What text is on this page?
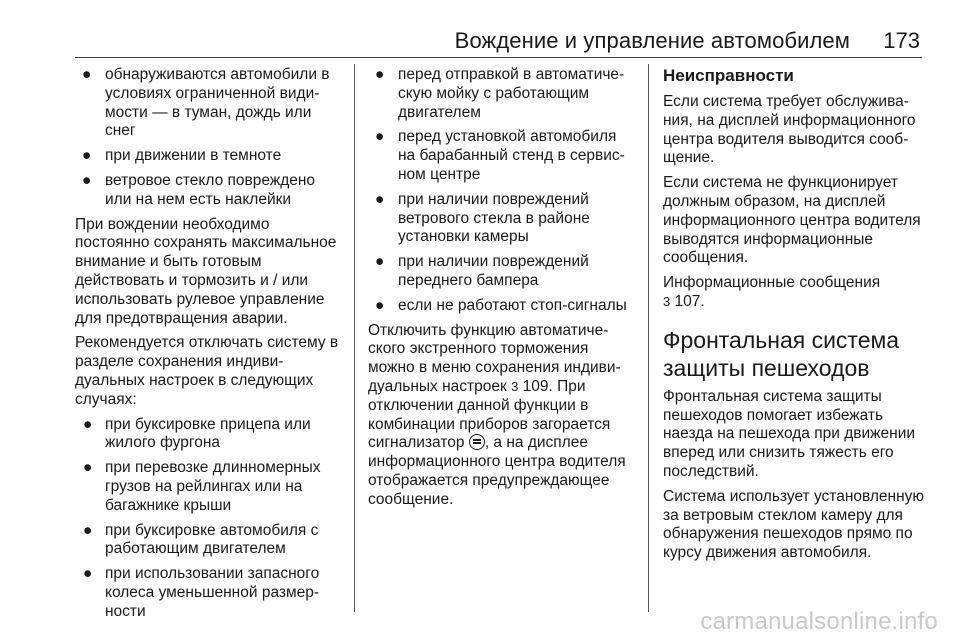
Вождение и управление автомобилем 173
● обнаруживаются автомобили в условиях ограниченной видимости — в туман, дождь или снег
● при движении в темноте
● ветровое стекло повреждено или на нем есть наклейки

При вождении необходимо постоянно сохранять максимальное внимание и быть готовым действовать и тормозить и / или использовать рулевое управление для предотвращения аварии.

Рекомендуется отключать систему в разделе сохранения индивидуальных настроек в следующих случаях:

● при буксировке прицепа или жилого фургона
● при перевозке длинномерных грузов на рейлингах или на багажнике крыши
● при буксировке автомобиля с работающим двигателем
● при использовании запасного колеса уменьшенной размерности
● перед отправкой в автоматическую мойку с работающим двигателем
● перед установкой автомобиля на барабанный стенд в сервисном центре
● при наличии повреждений ветрового стекла в районе установки камеры
● при наличии повреждений переднего бампера
● если не работают стоп-сигналы

Отключить функцию автоматического экстренного торможения можно в меню сохранения индивидуальных настроек 3 109. При отключении данной функции в комбинации приборов загорается сигнализатор , а на дисплее информационного центра водителя отображается предупреждающее сообщение.

Неисправности

Если система требует обслуживания, на дисплей информационного центра водителя выводится сообщение.

Если система не функционирует должным образом, на дисплей информационного центра водителя выводятся информационные сообщения.

Информационные сообщения
3 107.

Фронтальная система защиты пешеходов

Фронтальная система защиты пешеходов помогает избежать наезда на пешехода при движении вперед или снизить тяжесть его последствий.

Система использует установленную за ветровым стеклом камеру для обнаружения пешеходов прямо по курсу движения автомобиля.

carmanualsonline.info
